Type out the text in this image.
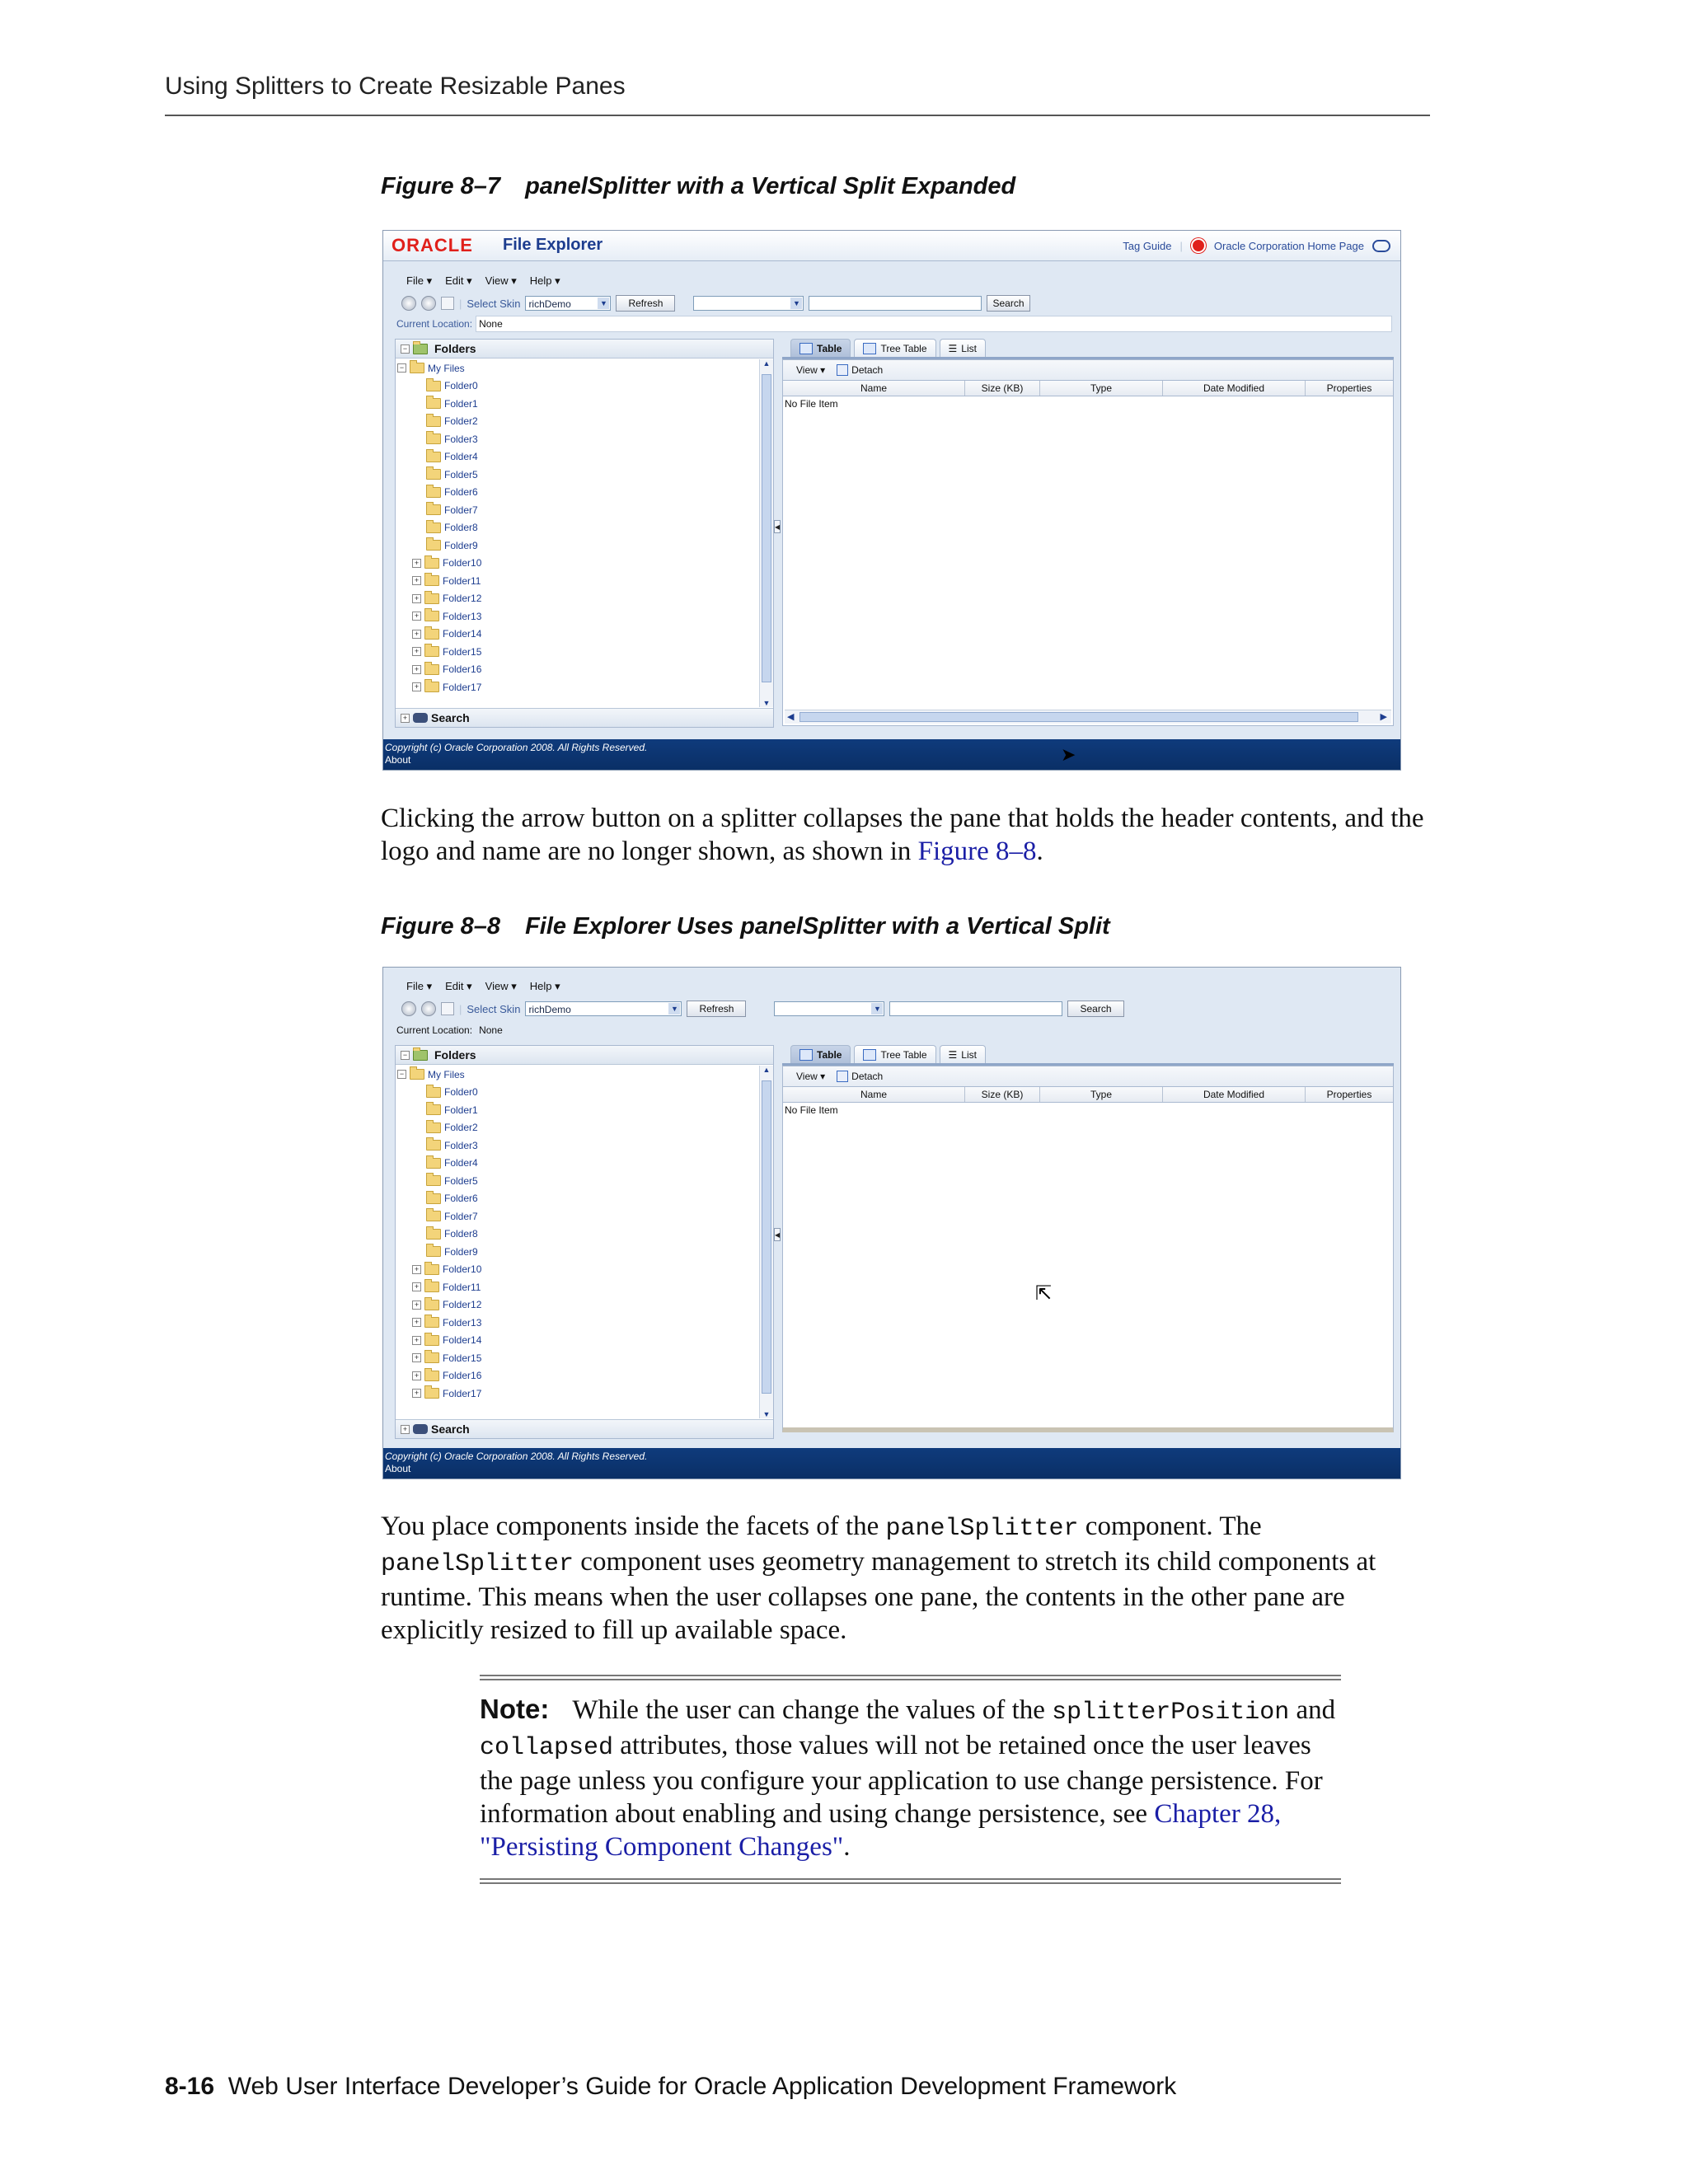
Using Splitters to Create Resizable Panes
Figure 8–7 panelSplitter with a Vertical Split Expanded
ORACLE File Explorer	Tag Guide |	Oracle Corporation Home Page
File ▾ Edit ▾ View ▾ Help ▾
| Select Skin richDemo	▼	Refresh	▼	Search
Current Location: None
− Folders
− My Files
Folder0
Folder1
Folder2
Folder3
Folder4
Folder5
Folder6
Folder7
Folder8
Folder9
+ Folder10
+ Folder11
+ Folder12
+ Folder13
+ Folder14
+ Folder15
+ Folder16
+ Folder17
▲
▼
+ Search
◀
Table	Tree Table ☰ List
View ▾	Detach
Name	Size (KB)	Type	Date Modified	Properties
No File Item
◀	▶
Copyright (c) Oracle Corporation 2008. All Rights Reserved.
About	➤
Clicking the arrow button on a splitter collapses the pane that holds the header contents, and the logo and name are no longer shown, as shown in Figure 8–8.
Figure 8–8 File Explorer Uses panelSplitter with a Vertical Split
File ▾ Edit ▾ View ▾ Help ▾
| Select Skin richDemo	▼	Refresh	▼	Search
Current Location: None
− Folders
− My Files
Folder0
Folder1
Folder2
Folder3
Folder4
Folder5
Folder6
Folder7
Folder8
Folder9
+ Folder10
+ Folder11
+ Folder12
+ Folder13
+ Folder14
+ Folder15
+ Folder16
+ Folder17
▲
▼
+ Search
◀
Table	Tree Table ☰ List
View ▾	Detach
Name	Size (KB)	Type	Date Modified	Properties
No File Item
Copyright (c) Oracle Corporation 2008. All Rights Reserved.
About
⇱
You place components inside the facets of the panelSplitter component. The panelSplitter component uses geometry management to stretch its child components at runtime. This means when the user collapses one pane, the contents in the other pane are explicitly resized to fill up available space.
Note: While the user can change the values of the splitterPosition and collapsed attributes, those values will not be retained once the user leaves the page unless you configure your application to use change persistence. For information about enabling and using change persistence, see Chapter 28, "Persisting Component Changes".
8-16 Web User Interface Developer’s Guide for Oracle Application Development Framework
